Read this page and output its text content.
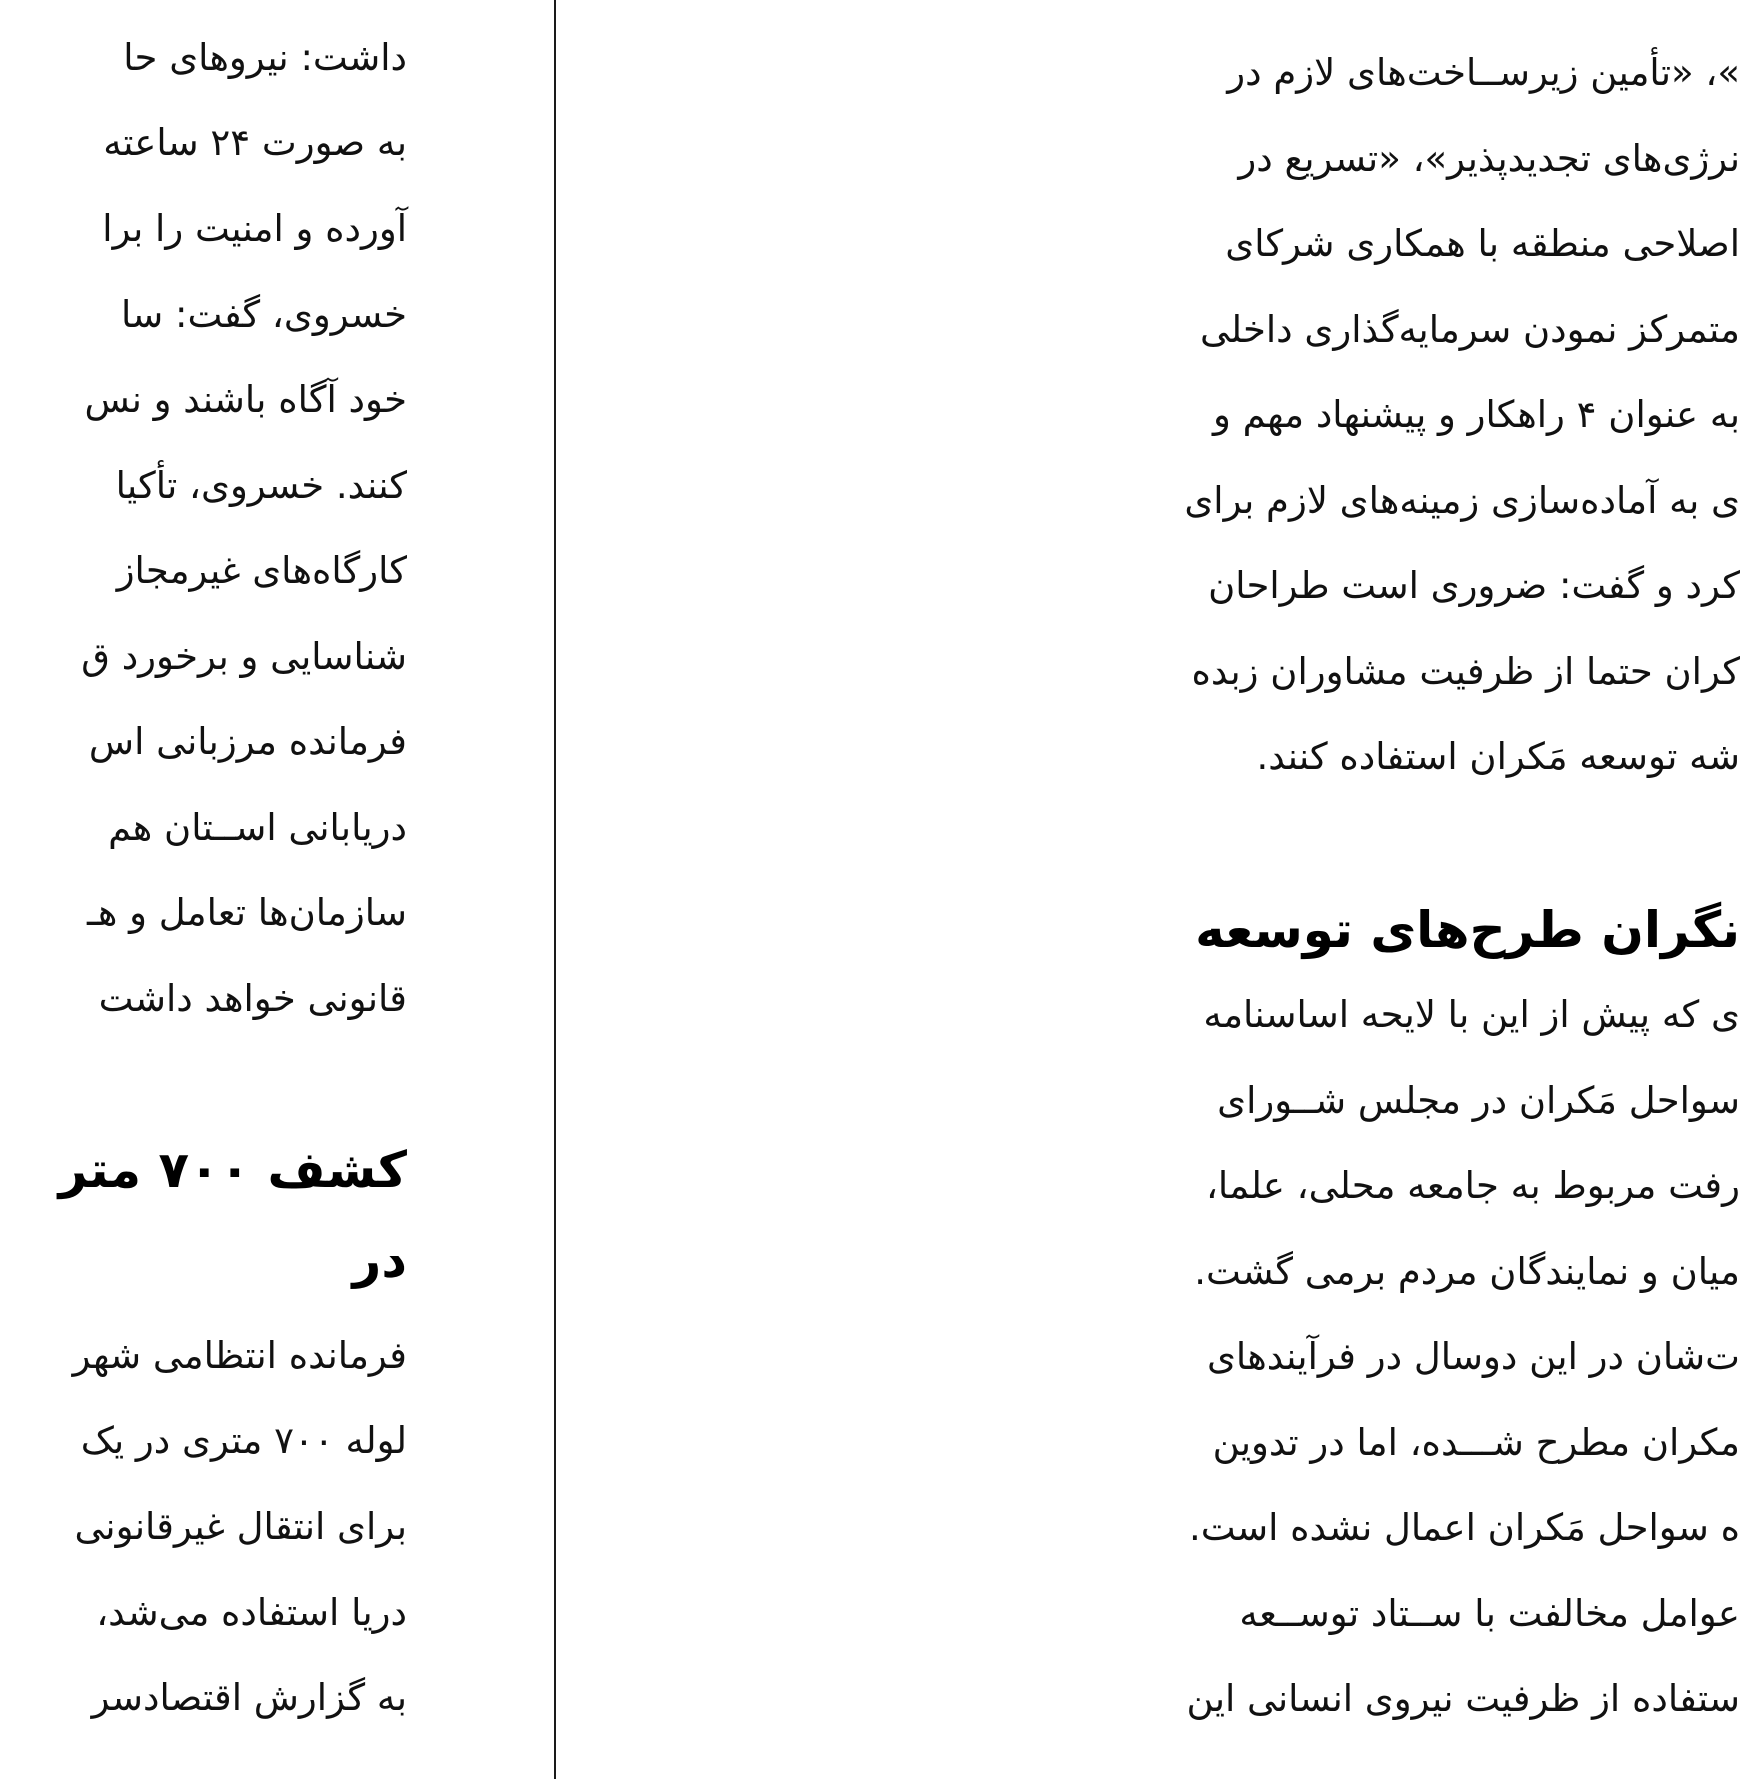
داشت: نیروهای حا
به صورت ۲۴ ساعته
آورده و امنیت را برا
خسروی، گفت: سا
خود آگاه باشند و نس
کنند. خسروی، تأکیا
کارگاه‌های غیرمجاز
شناسایی و برخورد ق
فرمانده مرزبانی اس
دریابانی اســتان هم
سازمان‌ها تعامل و هـ
قانونی خواهد داشت
کشف ۷۰۰ متر
در
فرمانده انتظامی شهر
لوله ۷۰۰ متری در یک
برای انتقال غیرقانونی
دریا استفاده می‌شد،
به گزارش اقتصادسر
»، «تأمین زیرســاخت‌های لازم در
نرژی‌های تجدیدپذیر»، «تسریع در
اصلاحی منطقه با همکاری شرکای
متمرکز نمودن سرمایه‌گذاری داخلی
به عنوان ۴ راهکار و پیشنهاد مهم و
ی به آماده‌سازی زمینه‌های لازم برای
کرد و گفت: ضروری است طراحان
کران حتما از ظرفیت مشاوران زبده
شه توسعه مَکران استفاده کنند.
نگران طرح‌های توسعه
ی که پیش از این با لایحه اساسنامه
سواحل مَکران در مجلس شــورای
رفت مربوط به جامعه محلی، علما،
میان و نمایندگان مردم برمی گشت.
ت‌شان در این دوسال در فرآیندهای
مکران مطرح شـــده، اما در تدوین
ه سواحل مَکران اعمال نشده است.
عوامل مخالفت با ســتاد توســعه
ستفاده از ظرفیت نیروی انسانی این
